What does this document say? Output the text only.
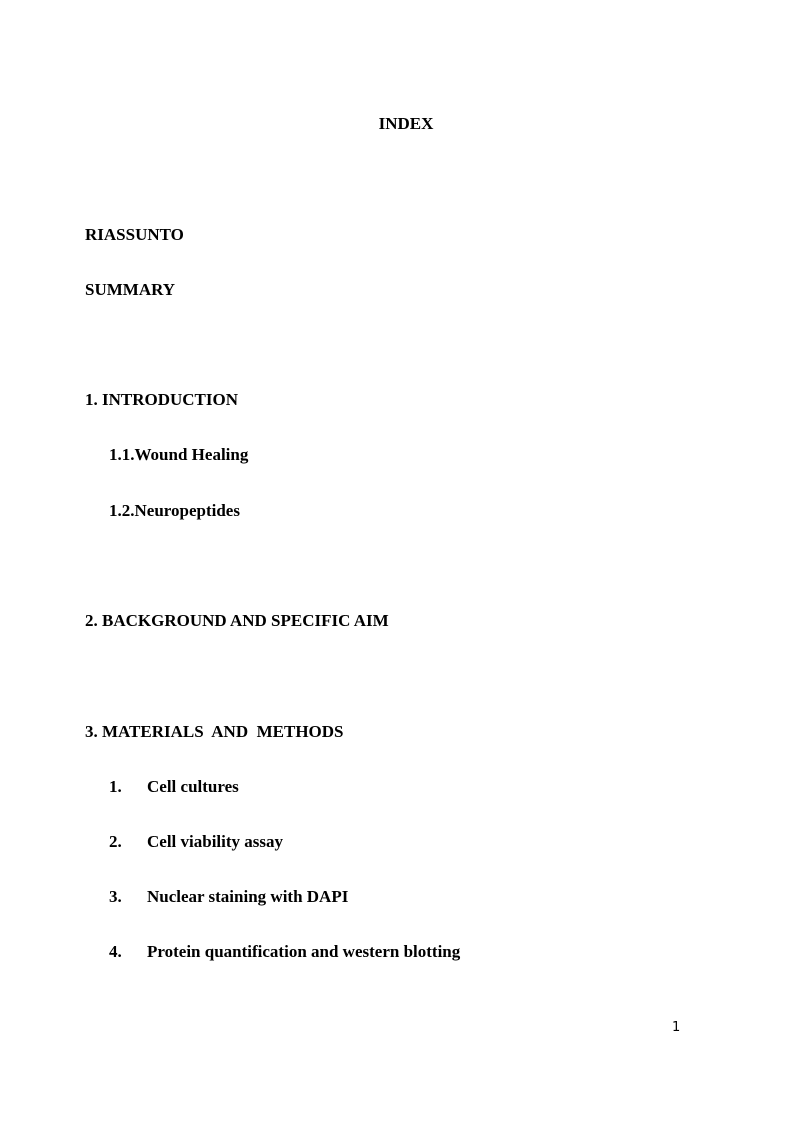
INDEX
RIASSUNTO
SUMMARY
1. INTRODUCTION
1.1.Wound Healing
1.2.Neuropeptides
2. BACKGROUND AND SPECIFIC AIM
3. MATERIALS  AND  METHODS
1. Cell cultures
2. Cell viability assay
3. Nuclear staining with DAPI
4. Protein quantification and western blotting
1
